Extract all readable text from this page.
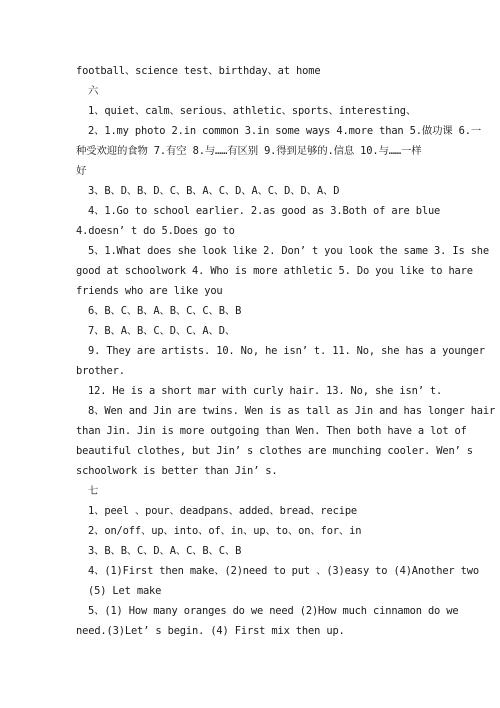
football、science test、birthday、at home

六

1、quiet、calm、serious、athletic、sports、interesting、

2、1.my photo 2.in common 3.in some ways 4.more than 5.做功课 6.一

种受欢迎的食物 7.有空 8.与……有区别 9.得到足够的.信息 10.与……一样

好

3、B、D、B、D、C、B、A、C、D、A、C、D、D、A、D

4、1.Go to school earlier. 2.as good as 3.Both of are blue

4.doesn’ t do 5.Does go to

5、1.What does she look like 2. Don’ t you look the same 3. Is she

good at schoolwork 4. Who is more athletic 5. Do you like to hare

friends who are like you

6、B、C、B、A、B、C、C、B、B

7、B、A、B、C、D、C、A、D、

9. They are artists. 10. No, he isn’ t. 11. No, she has a younger

brother.

12. He is a short mar with curly hair. 13. No, she isn’ t.

8、Wen and Jin are twins. Wen is as tall as Jin and has longer hair

than Jin. Jin is more outgoing than Wen. Then both have a lot of

beautiful clothes, but Jin’ s clothes are munching cooler. Wen’ s

schoolwork is better than Jin’ s.

七

1、peel 、pour、deadpans、added、bread、recipe

2、on/off、up、into、of、in、up、to、on、for、in

3、B、B、C、D、A、C、B、C、B

4、(1)First then make、(2)need to put 、(3)easy to (4)Another two

(5) Let make

5、(1) How many oranges do we need (2)How much cinnamon do we

need.(3)Let’ s begin. (4) First mix then up.
